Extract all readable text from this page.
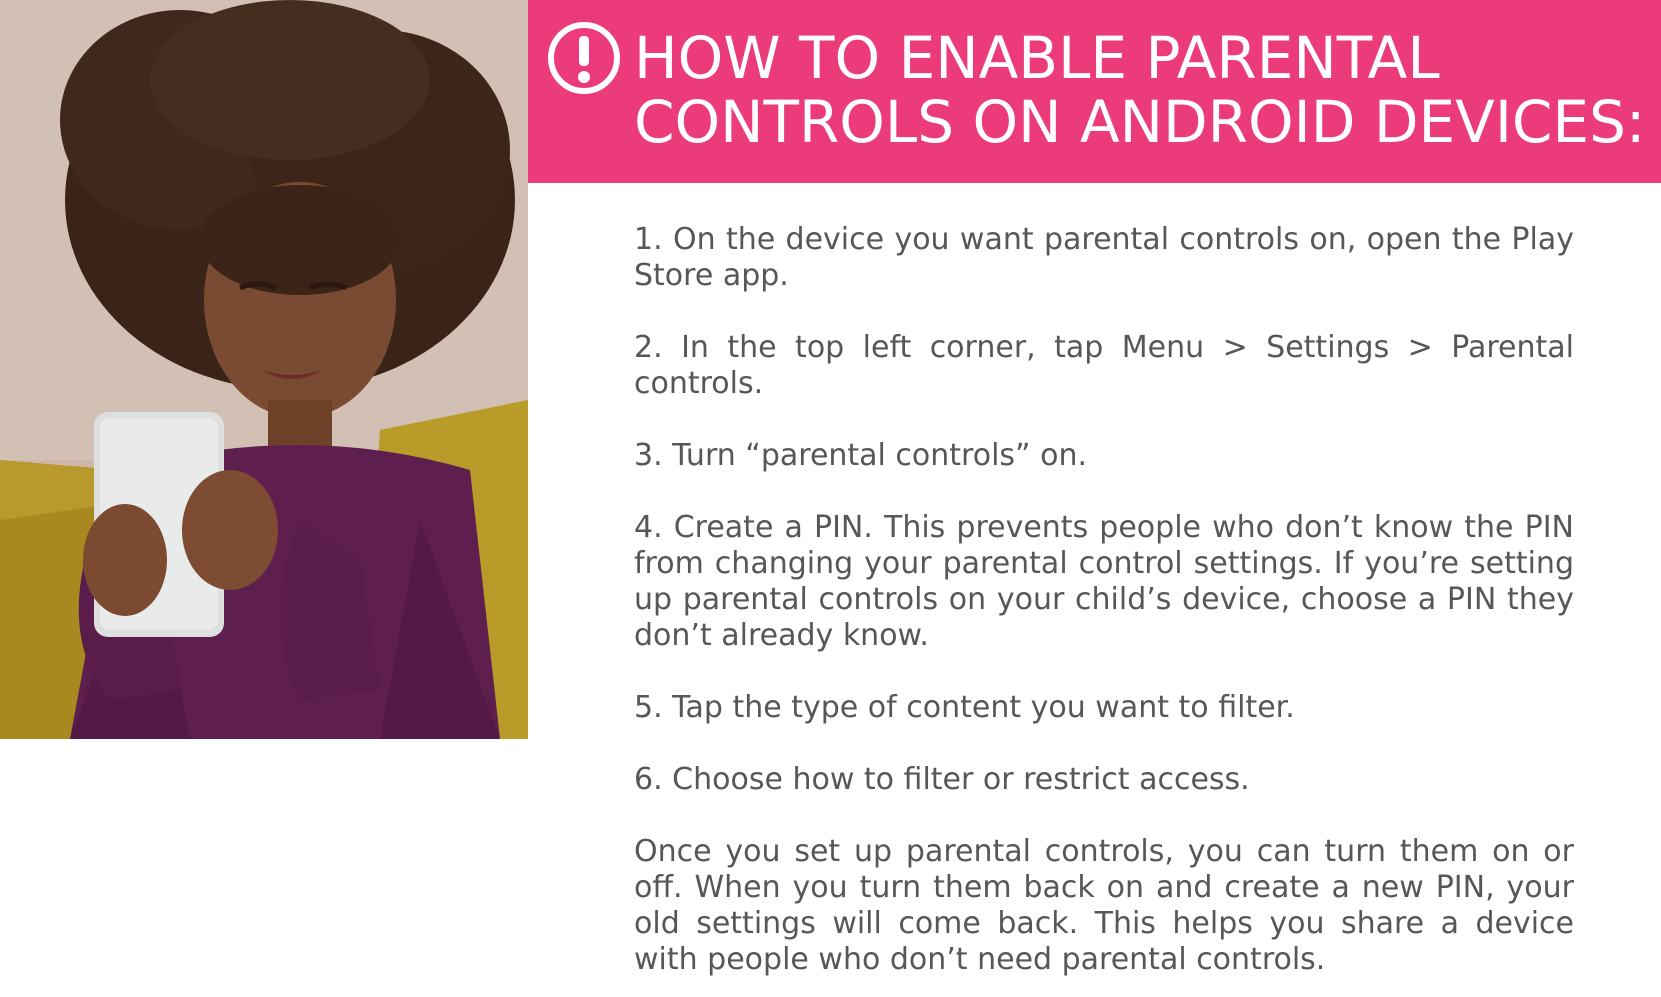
HOW TO ENABLE PARENTAL
CONTROLS ON ANDROID DEVICES:

1. On the device you want parental controls on, open the Play Store app.

2. In the top left corner, tap Menu > Settings > Parental controls.

3. Turn “parental controls” on.

4. Create a PIN. This prevents people who don’t know the PIN from changing your parental control settings. If you’re setting up parental controls on your child’s device, choose a PIN they don’t already know.

5. Tap the type of content you want to filter.

6. Choose how to filter or restrict access.

Once you set up parental controls, you can turn them on or off. When you turn them back on and create a new PIN, your old settings will come back. This helps you share a device with people who don’t need parental controls.
